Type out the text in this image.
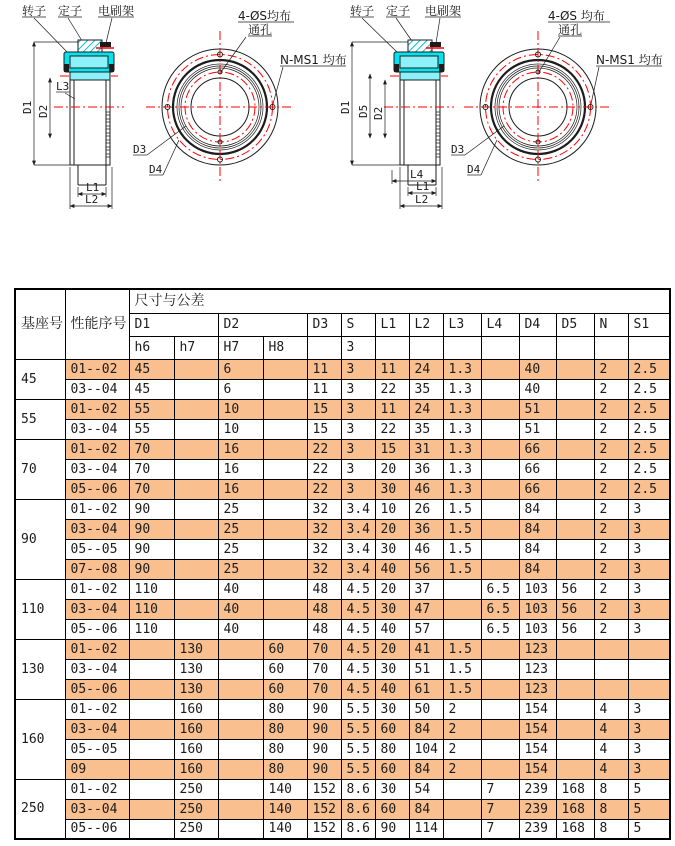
转子 定子 电刷架
D1 D2
L3
L1
L2
4-ØS均布
通孔
N-MS1 均布
D3
D4
转子 定子 电刷架
D1 D5 D2
L4
L1
L2
4-ØS 均布
通孔
N-MS1 均布
D3
D4
基座号	性能序号	尺寸与公差													
		D1		D2		D3	S	L1	L2	L3	L4	D4	D5	N	S1
		h6	h7	H7	H8		3								
45	01--02	45		6		11	3	11	24	1.3		40		2	2.5
	03--04	45		6		11	3	22	35	1.3		40		2	2.5
55	01--02	55		10		15	3	11	24	1.3		51		2	2.5
	03--04	55		10		15	3	22	35	1.3		51		2	2.5
70	01--02	70		16		22	3	15	31	1.3		66		2	2.5
	03--04	70		16		22	3	20	36	1.3		66		2	2.5
	05--06	70		16		22	3	30	46	1.3		66		2	2.5
90	01--02	90		25		32	3.4	10	26	1.5		84		2	3
	03--04	90		25		32	3.4	20	36	1.5		84		2	3
	05--05	90		25		32	3.4	30	46	1.5		84		2	3
	07--08	90		25		32	3.4	40	56	1.5		84		2	3
110	01--02	110		40		48	4.5	20	37		6.5	103	56	2	3
	03--04	110		40		48	4.5	30	47		6.5	103	56	2	3
	05--06	110		40		48	4.5	40	57		6.5	103	56	2	3
130	01--02		130		60	70	4.5	20	41	1.5		123			
	03--04		130		60	70	4.5	30	51	1.5		123			
	05--06		130		60	70	4.5	40	61	1.5		123			
160	01--02		160		80	90	5.5	30	50	2		154		4	3
	03--04		160		80	90	5.5	60	84	2		154		4	3
	05--05		160		80	90	5.5	80	104	2		154		4	3
	09		160		80	90	5.5	60	84	2		154		4	3
250	01--02		250		140	152	8.6	30	54		7	239	168	8	5
	03--04		250		140	152	8.6	60	84		7	239	168	8	5
	05--06		250		140	152	8.6	90	114		7	239	168	8	5
